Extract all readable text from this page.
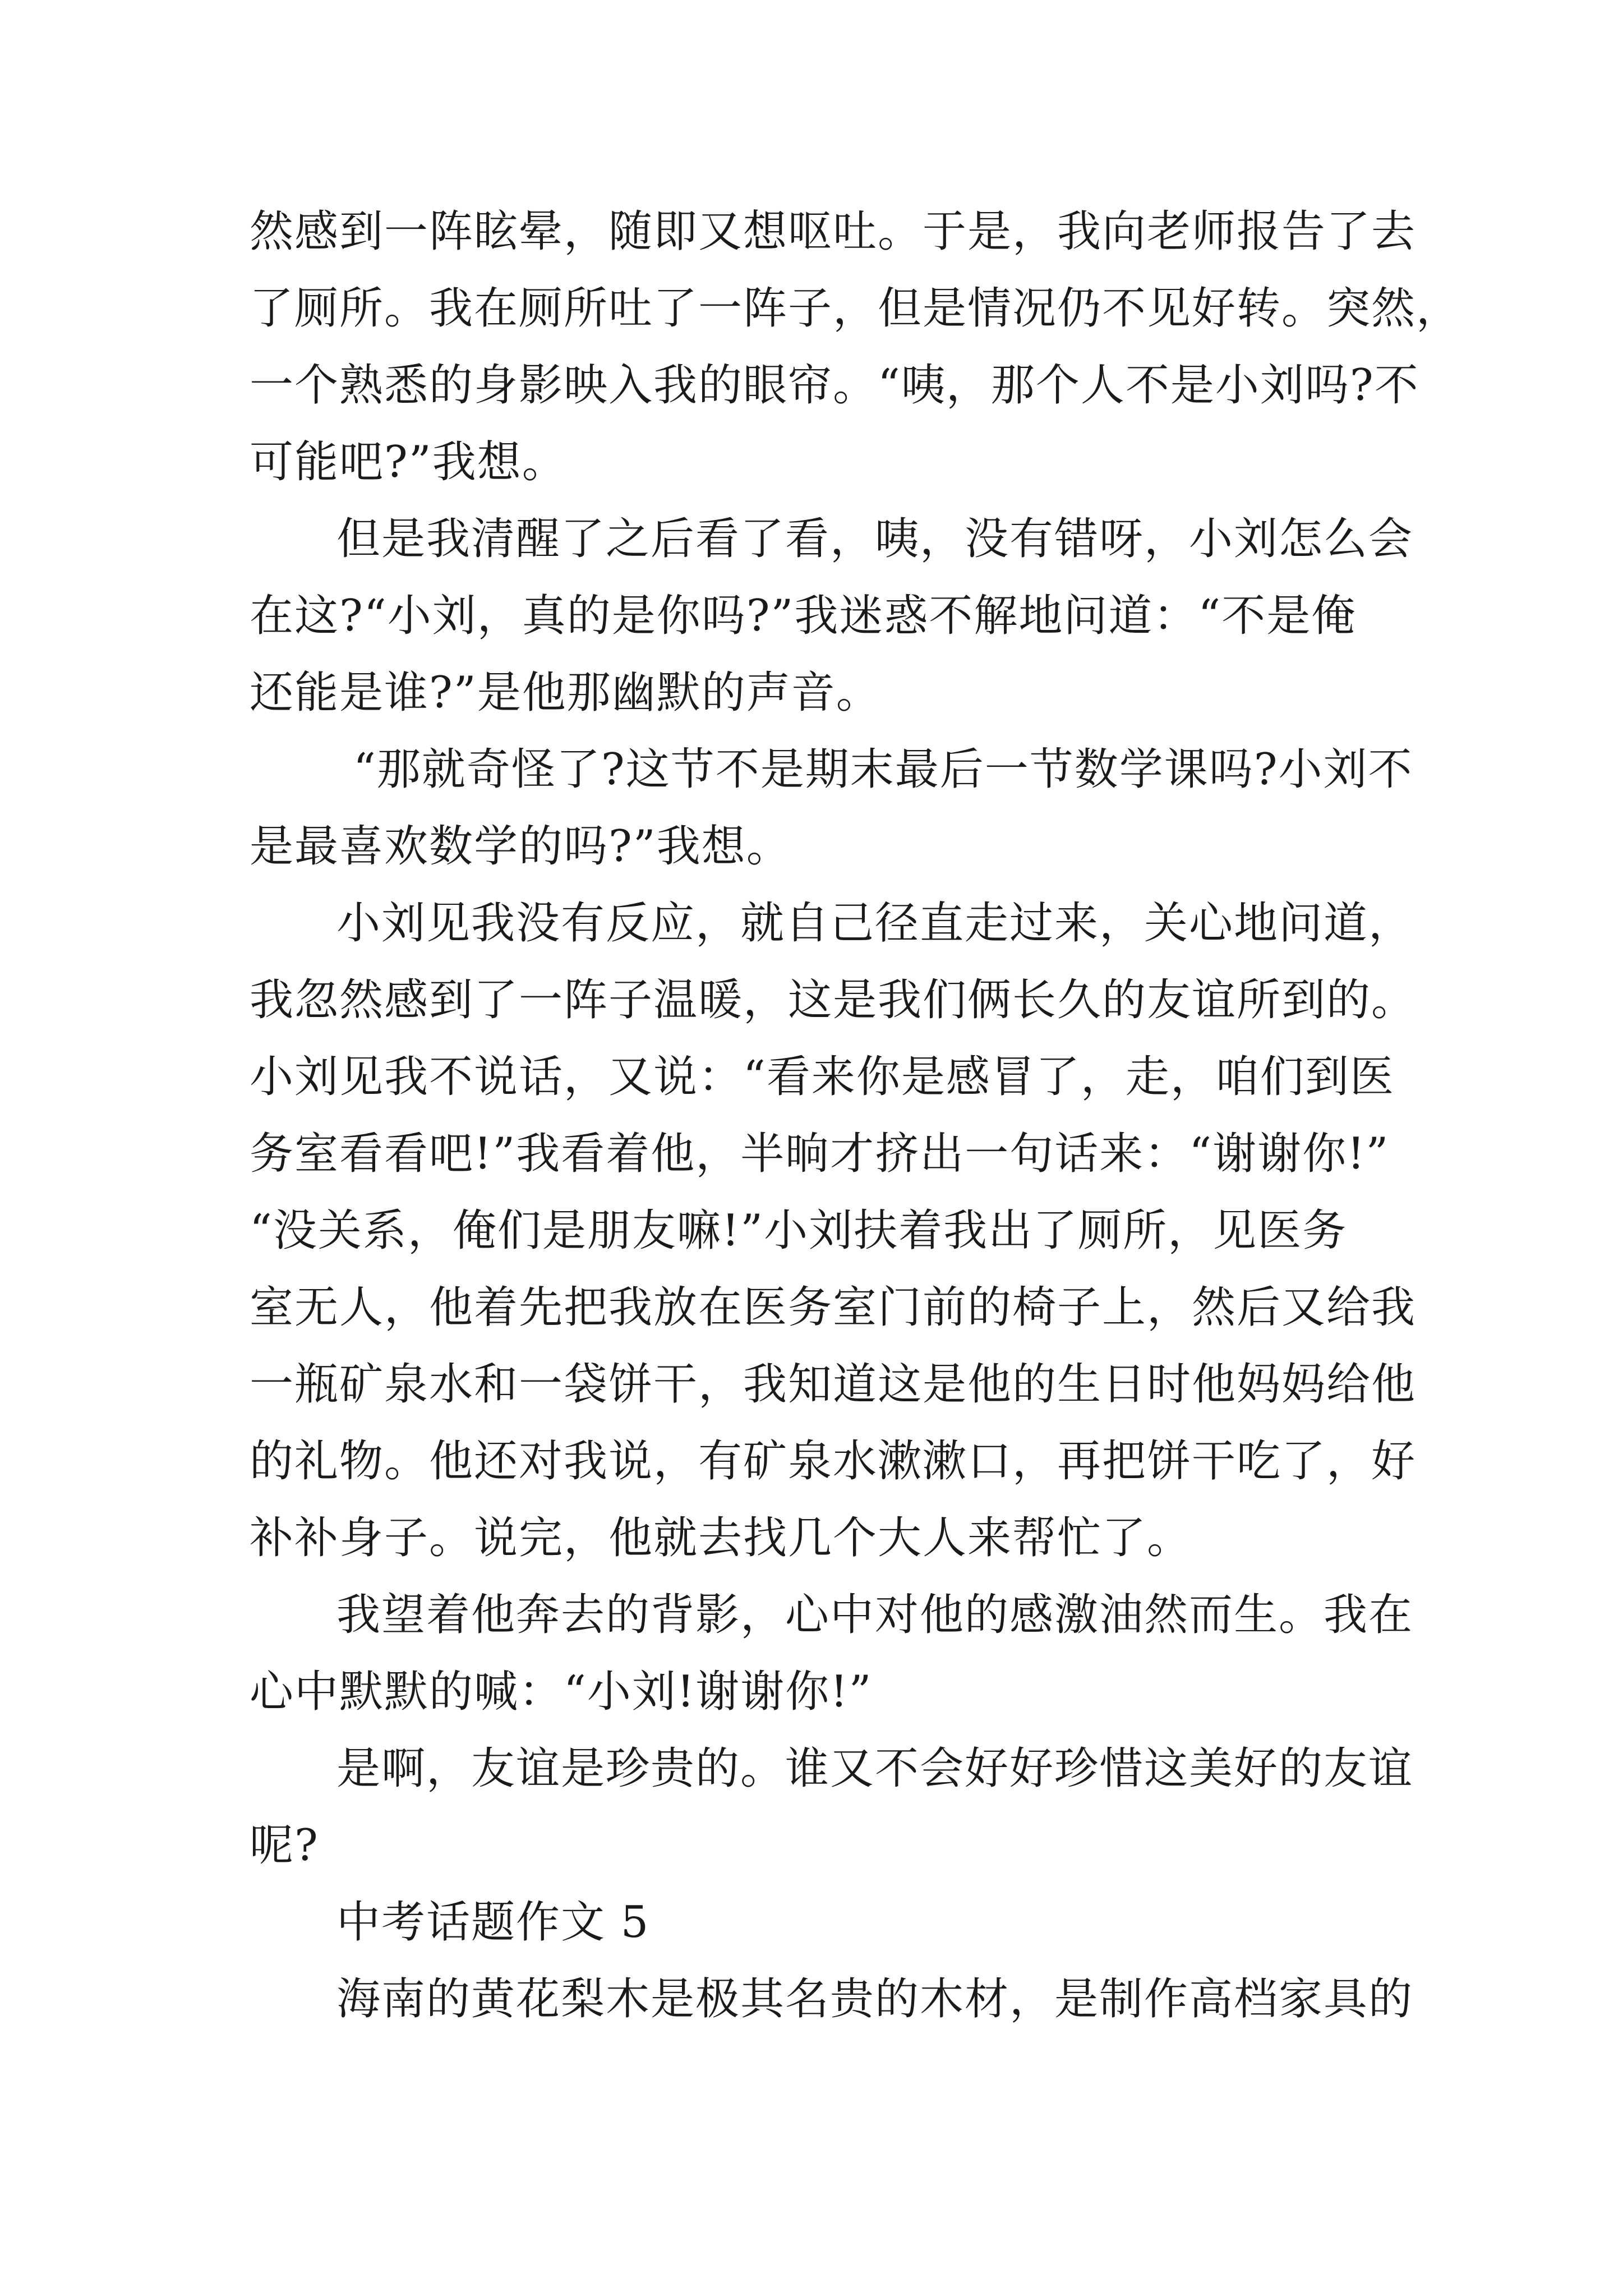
然感到一阵眩晕，随即又想呕吐。于是，我向老师报告了去
了厕所。我在厕所吐了一阵子，但是情况仍不见好转。突然，
一个熟悉的身影映入我的眼帘。“咦，那个人不是小刘吗?不
可能吧?”我想。
但是我清醒了之后看了看，咦，没有错呀，小刘怎么会
在这?“小刘，真的是你吗?”我迷惑不解地问道：“不是俺
还能是谁?”是他那幽默的声音。
“那就奇怪了?这节不是期末最后一节数学课吗?小刘不
是最喜欢数学的吗?”我想。
小刘见我没有反应，就自己径直走过来，关心地问道，
我忽然感到了一阵子温暖，这是我们俩长久的友谊所到的。
小刘见我不说话，又说：“看来你是感冒了，走，咱们到医
务室看看吧!”我看着他，半晌才挤出一句话来：“谢谢你!”
“没关系，俺们是朋友嘛!”小刘扶着我出了厕所，见医务
室无人，他着先把我放在医务室门前的椅子上，然后又给我
一瓶矿泉水和一袋饼干，我知道这是他的生日时他妈妈给他
的礼物。他还对我说，有矿泉水漱漱口，再把饼干吃了，好
补补身子。说完，他就去找几个大人来帮忙了。
我望着他奔去的背影，心中对他的感激油然而生。我在
心中默默的喊：“小刘!谢谢你!”
是啊，友谊是珍贵的。谁又不会好好珍惜这美好的友谊
呢?
中考话题作文 5
海南的黄花梨木是极其名贵的木材，是制作高档家具的
